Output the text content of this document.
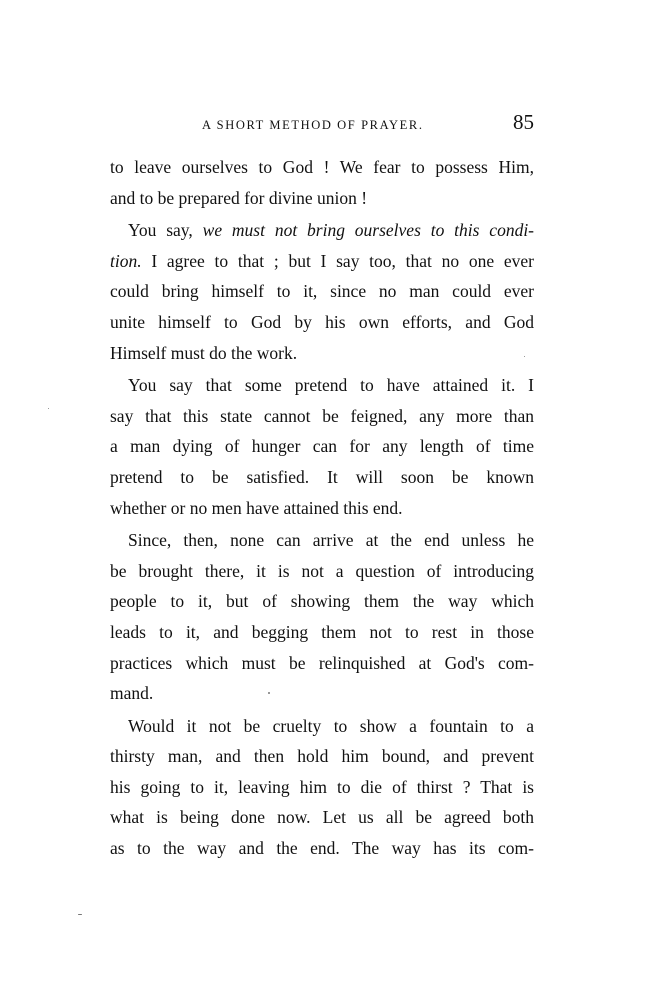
A SHORT METHOD OF PRAYER.	85

to leave ourselves to God ! We fear to possess Him,

and to be prepared for divine union !

You say, we must not bring ourselves to this condi-

tion. I agree to that ; but I say too, that no one ever

could bring himself to it, since no man could ever

unite himself to God by his own efforts, and God

Himself must do the work.

You say that some pretend to have attained it. I

say that this state cannot be feigned, any more than

a man dying of hunger can for any length of time

pretend to be satisfied. It will soon be known

whether or no men have attained this end.

Since, then, none can arrive at the end unless he

be brought there, it is not a question of introducing

people to it, but of showing them the way which

leads to it, and begging them not to rest in those

practices which must be relinquished at God's com-

mand.

Would it not be cruelty to show a fountain to a

thirsty man, and then hold him bound, and prevent

his going to it, leaving him to die of thirst ? That is

what is being done now. Let us all be agreed both

as to the way and the end. The way has its com-
